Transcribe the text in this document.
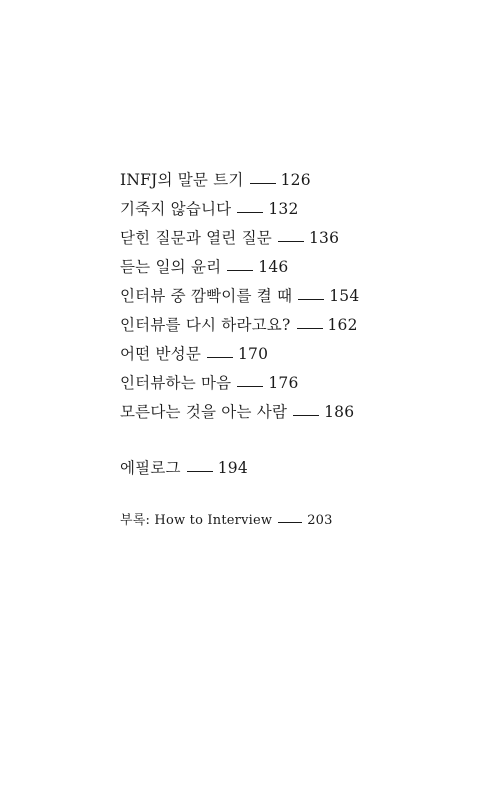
INFJ의 말문 트기 126
기죽지 않습니다 132
닫힌 질문과 열린 질문 136
듣는 일의 윤리 146
인터뷰 중 깜빡이를 켤 때 154
인터뷰를 다시 하라고요? 162
어떤 반성문 170
인터뷰하는 마음 176
모른다는 것을 아는 사람 186
에필로그 194
부록: How to Interview	203
